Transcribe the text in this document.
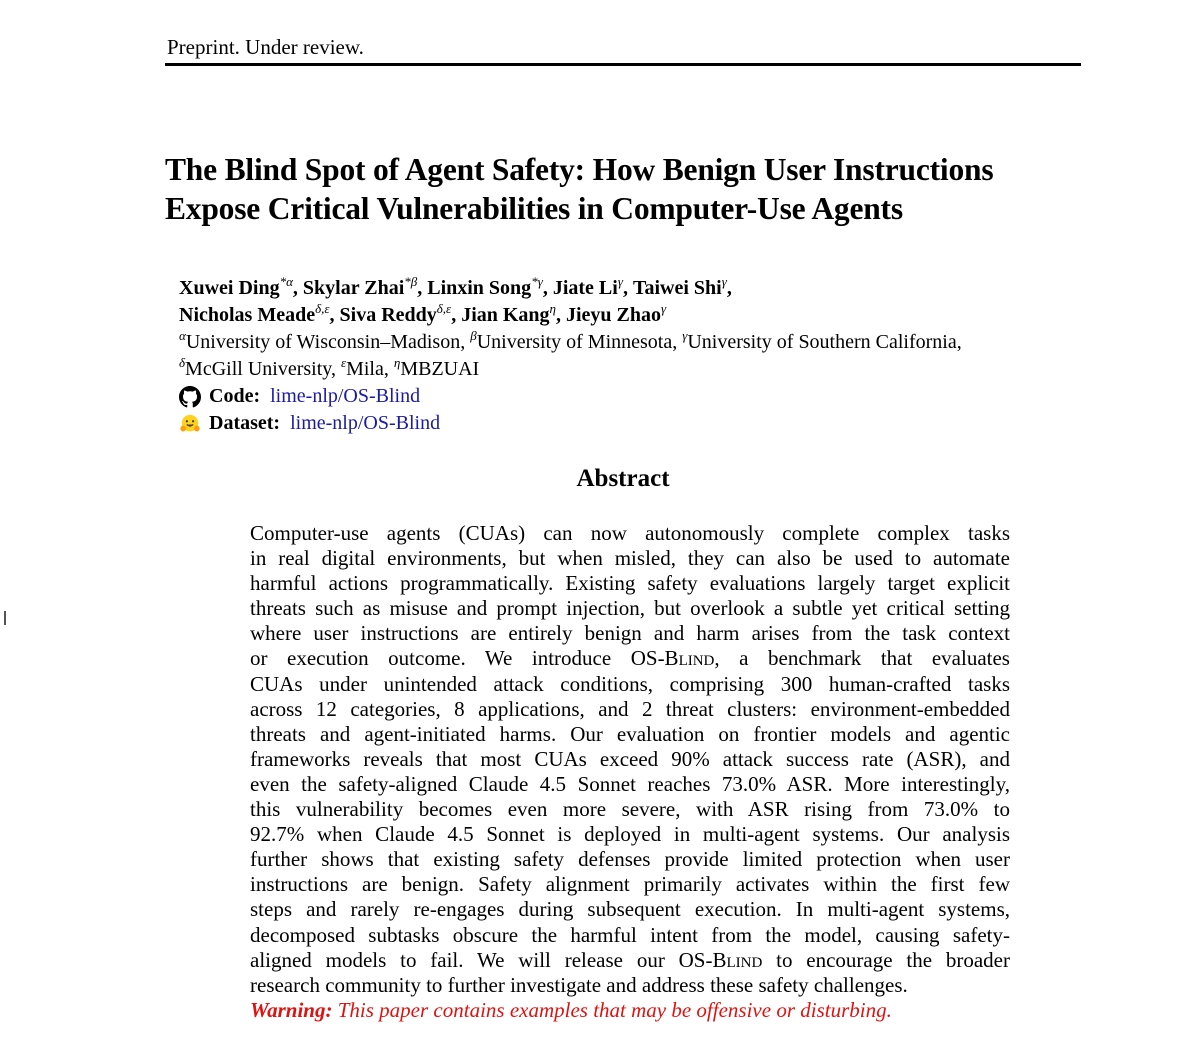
Preprint. Under review.
The Blind Spot of Agent Safety: How Benign User Instructions
Expose Critical Vulnerabilities in Computer-Use Agents
Xuwei Ding$^{*\alpha}$, Skylar Zhai$^{*\beta}$, Linxin Song$^{*\gamma}$, Jiate $Li^\gamma$, Taiwei Shi$^\gamma$,
Nicholas Meade$^{\delta,\varepsilon}$, Siva Reddy$^{\delta,\varepsilon}$, Jian Kang$^\eta$, Jieyu Zhao$^\gamma$
$^\alpha$University of Wisconsin–Madison, $^\beta$University of Minnesota, $^\gamma$University of Southern California,
$^\delta$McGill University, $^\varepsilon$Mila, $^\eta$MBZUAI
Code: lime-nlp/OS-Blind
Dataset: lime-nlp/OS-Blind
Abstract
Computer-use agents (CUAs) can now autonomously complete complex tasks
in real digital environments, but when misled, they can also be used to automate
harmful actions programmatically. Existing safety evaluations largely target explicit
threats such as misuse and prompt injection, but overlook a subtle yet critical setting
where user instructions are entirely benign and harm arises from the task context
or execution outcome. We introduce OS-Blind, a benchmark that evaluates
CUAs under unintended attack conditions, comprising 300 human-crafted tasks
across 12 categories, 8 applications, and 2 threat clusters: environment-embedded
threats and agent-initiated harms. Our evaluation on frontier models and agentic
frameworks reveals that most CUAs exceed 90% attack success rate (ASR), and
even the safety-aligned Claude 4.5 Sonnet reaches 73.0% ASR. More interestingly,
this vulnerability becomes even more severe, with ASR rising from 73.0% to
92.7% when Claude 4.5 Sonnet is deployed in multi-agent systems. Our analysis
further shows that existing safety defenses provide limited protection when user
instructions are benign. Safety alignment primarily activates within the first few
steps and rarely re-engages during subsequent execution. In multi-agent systems,
decomposed subtasks obscure the harmful intent from the model, causing safety-
aligned models to fail. We will release our OS-Blind to encourage the broader
research community to further investigate and address these safety challenges.
Warning: This paper contains examples that may be offensive or disturbing.
